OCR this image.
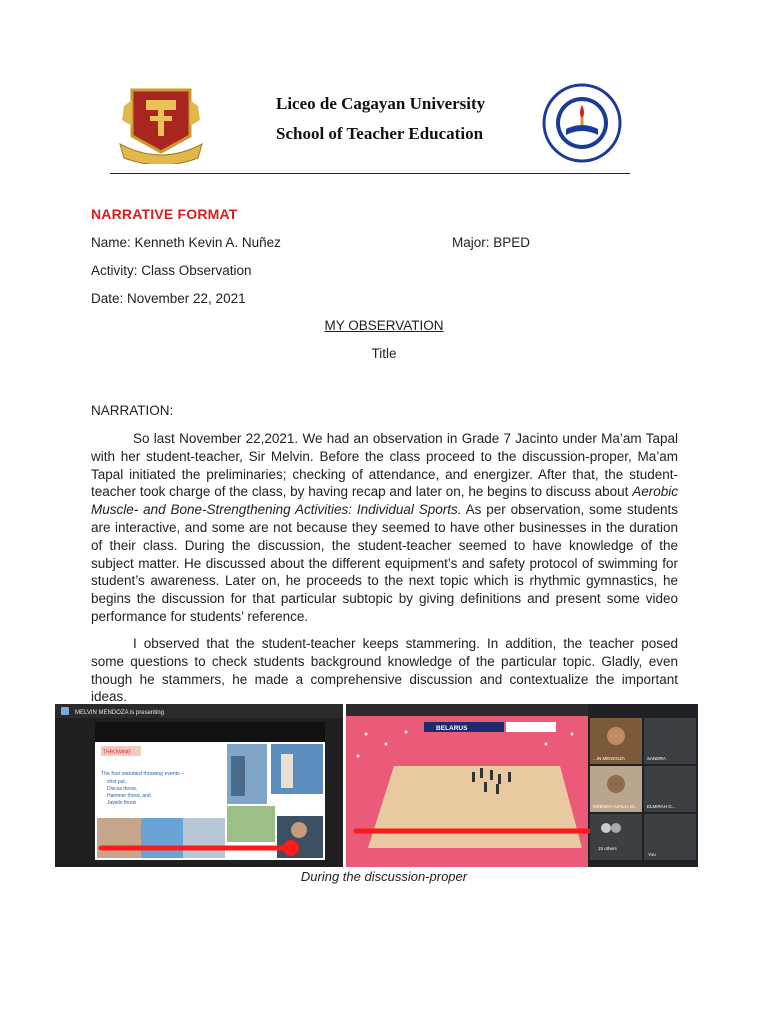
Liceo de Cagayan University
School of Teacher Education
NARRATIVE FORMAT
Name: Kenneth Kevin A. Nuñez	Major: BPED
Activity: Class Observation
Date: November 22, 2021
MY OBSERVATION
Title
NARRATION:

So last November 22,2021. We had an observation in Grade 7 Jacinto under Ma’am Tapal with her student-teacher, Sir Melvin. Before the class proceed to the discussion-proper, Ma’am Tapal initiated the preliminaries; checking of attendance, and energizer. After that, the student-teacher took charge of the class, by having recap and later on, he begins to discuss about Aerobic Muscle- and Bone-Strengthening Activities: Individual Sports. As per observation, some students are interactive, and some are not because they seemed to have other businesses in the duration of their class. During the discussion, the student-teacher seemed to have knowledge of the subject matter. He discussed about the different equipment’s and safety protocol of swimming for student’s awareness. Later on, he proceeds to the next topic which is rhythmic gymnastics, he begins the discussion for that particular subtopic by giving definitions and present some video performance for students’ reference.

I observed that the student-teacher keeps stammering. In addition, the teacher posed some questions to check students background knowledge of the particular topic. Gladly, even though he stammers, he made a comprehensive discussion and contextualize the important ideas.

MELVIN MENDOZA is presenting
THROWING
The four standard throwing events –
shot put,
Discus throw,
Hammer throw, and
Javelin throw
BELARUS
...IN MENDOZA	SANDRA
GRENCH AZALIA M... ELMIRAH G...
15 others
You
During the discussion-proper
